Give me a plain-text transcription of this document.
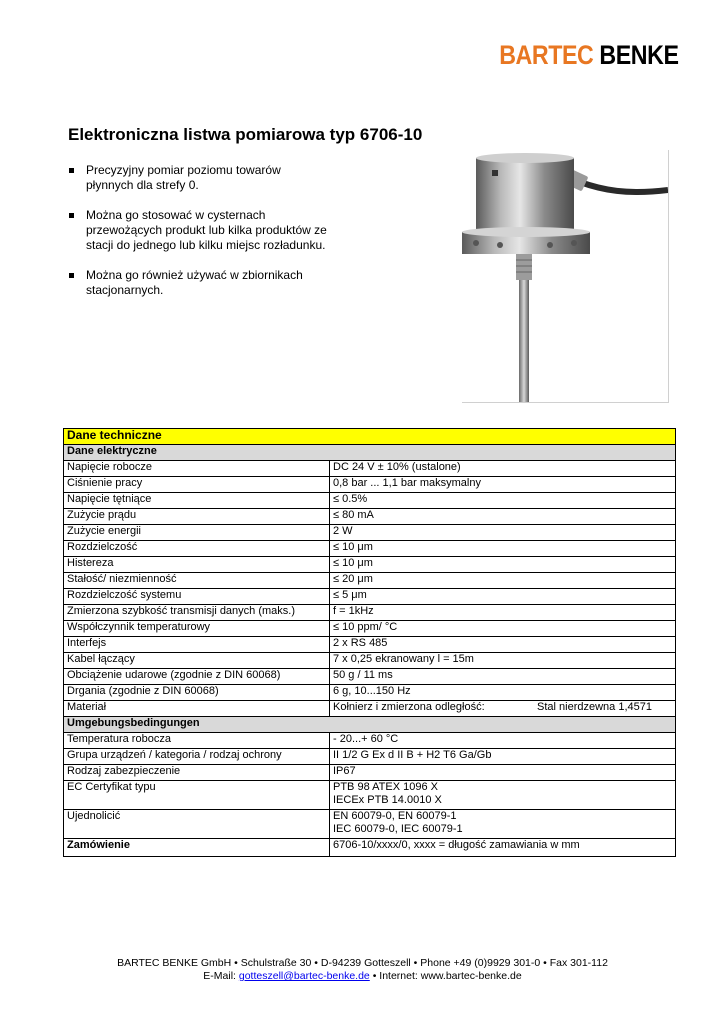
BARTEC BENKE
Elektroniczna listwa pomiarowa typ 6706-10
Precyzyjny pomiar poziomu towarów płynnych dla strefy 0.
Można go stosować w cysternach przewożących produkt lub kilka produktów ze stacji do jednego lub kilku miejsc rozładunku.
Można go również używać w zbiornikach stacjonarnych.
Dane techniczne	
Dane elektryczne	
Napięcie robocze	DC 24 V ± 10% (ustalone)
Ciśnienie pracy	0,8 bar ... 1,1 bar maksymalny
Napięcie tętniące	≤ 0.5%
Zużycie prądu	≤ 80 mA
Zużycie energii	2 W
Rozdzielczość	≤ 10 μm
Histereza	≤ 10 μm
Stałość/ niezmienność	≤ 20 μm
Rozdzielczość systemu	≤ 5 μm
Zmierzona szybkość transmisji danych (maks.)	f = 1kHz
Współczynnik temperaturowy	≤ 10 ppm/ °C
Interfejs	2 x RS 485
Kabel łączący	7 x 0,25 ekranowany l = 15m
Obciążenie udarowe (zgodnie z DIN 60068)	50 g / 11 ms
Drgania (zgodnie z DIN 60068)	6 g, 10...150 Hz
Materiał	Kołnierz i zmierzona odległość: Stal nierdzewna 1,4571

Umgebungsbedingungen	
Temperatura robocza	- 20...+ 60 °C
Grupa urządzeń / kategoria / rodzaj ochrony	II 1/2 G Ex d II B + H2 T6 Ga/Gb
Rodzaj zabezpieczenie	IP67
EC Certyfikat typu	PTB 98 ATEX 1096 X
IECEx PTB 14.0010 X

Ujednolicić	EN 60079-0, EN 60079-1
IEC 60079-0, IEC 60079-1

Zamówienie	6706-10/xxxx/0, xxxx = długość zamawiania w mm
BARTEC BENKE GmbH • Schulstraße 30 • D-94239 Gotteszell • Phone +49 (0)9929 301-0 • Fax 301-112
E-Mail: gotteszell@bartec-benke.de • Internet: www.bartec-benke.de
